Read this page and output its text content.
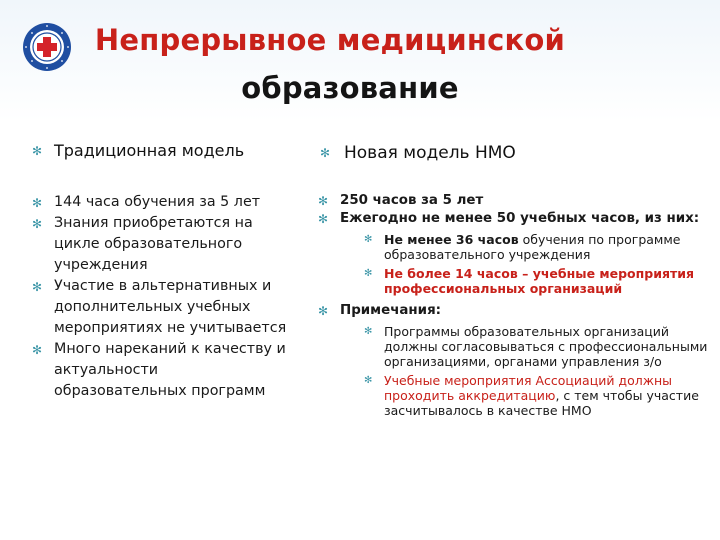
Непрерывное медицинской
образование
✻ Традиционная модель	✻ Новая модель НМО
✻ 144 часа обучения за 5 лет
✻ Знания приобретаются на цикле образовательного учреждения
✻ Участие в альтернативных и дополнительных учебных мероприятиях не учитывается
✻ Много нареканий к качеству и актуальности образовательных программ
✻ 250 часов за 5 лет
✻ Ежегодно не менее 50 учебных часов, из них:
✻ Не менее 36 часов обучения по программе образовательного учреждения
✻ Не более 14 часов – учебные мероприятия профессиональных организаций
✻ Примечания:
✻ Программы образовательных организаций должны согласовываться с профессиональными организациями, органами управления з/о
✻ Учебные мероприятия Ассоциаций должны проходить аккредитацию, с тем чтобы участие засчитывалось в качестве НМО
